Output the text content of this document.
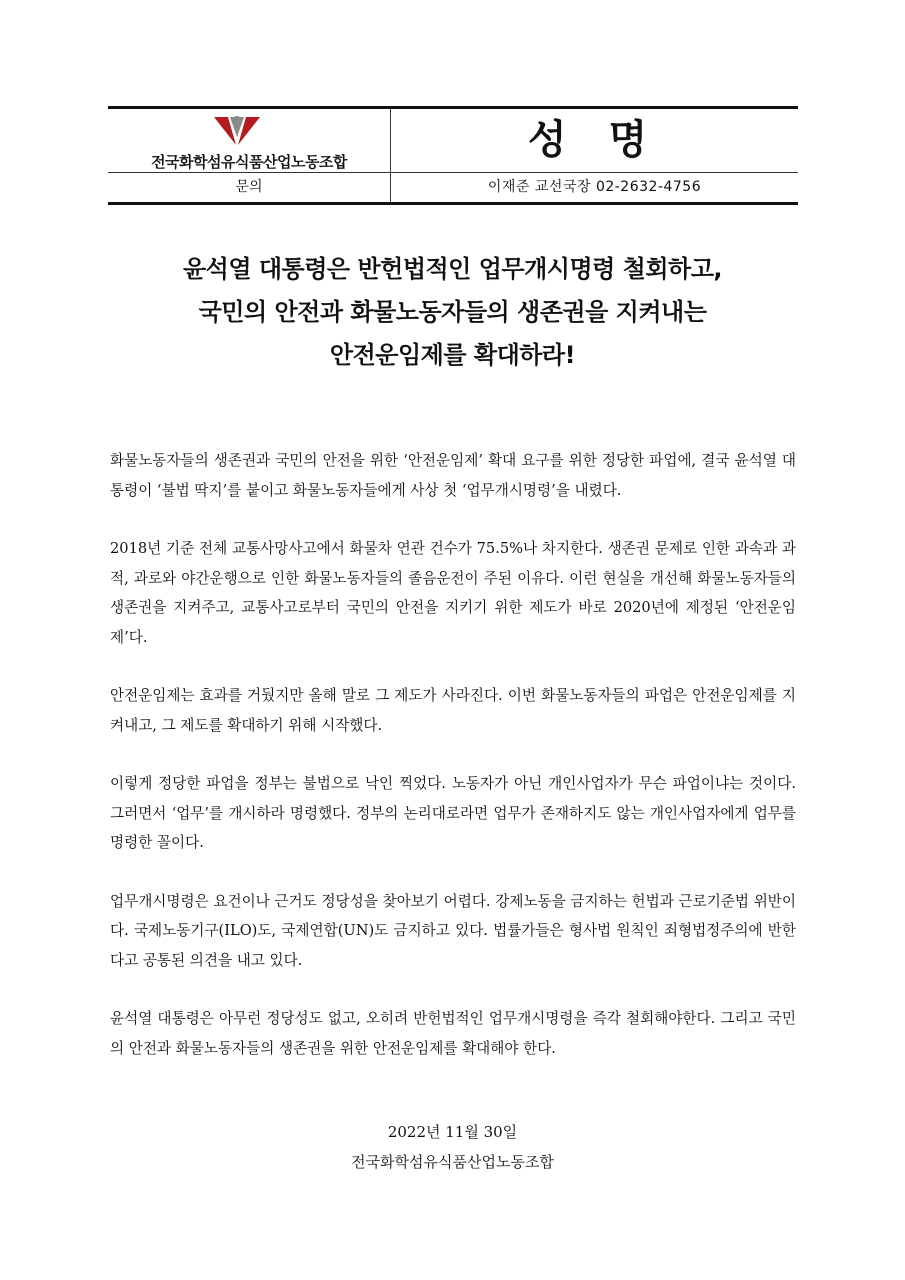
전국화학섬유식품산업노동조합	성 명
문의	이재준 교선국장 02-2632-4756
윤석열 대통령은 반헌법적인 업무개시명령 철회하고,
국민의 안전과 화물노동자들의 생존권을 지켜내는
안전운임제를 확대하라!

화물노동자들의 생존권과 국민의 안전을 위한 ‘안전운임제’ 확대 요구를 위한 정당한 파업에, 결국 윤석열 대통령이 ‘불법 딱지’를 붙이고 화물노동자들에게 사상 첫 ‘업무개시명령’을 내렸다.

2018년 기준 전체 교통사망사고에서 화물차 연관 건수가 75.5%나 차지한다. 생존권 문제로 인한 과속과 과적, 과로와 야간운행으로 인한 화물노동자들의 졸음운전이 주된 이유다. 이런 현실을 개선해 화물노동자들의 생존권을 지켜주고, 교통사고로부터 국민의 안전을 지키기 위한 제도가 바로 2020년에 제정된 ‘안전운임제’다.

안전운임제는 효과를 거뒀지만 올해 말로 그 제도가 사라진다. 이번 화물노동자들의 파업은 안전운임제를 지켜내고, 그 제도를 확대하기 위해 시작했다.

이렇게 정당한 파업을 정부는 불법으로 낙인 찍었다. 노동자가 아닌 개인사업자가 무슨 파업이냐는 것이다. 그러면서 ‘업무’를 개시하라 명령했다. 정부의 논리대로라면 업무가 존재하지도 않는 개인사업자에게 업무를 명령한 꼴이다.

업무개시명령은 요건이나 근거도 정당성을 찾아보기 어렵다. 강제노동을 금지하는 헌법과 근로기준법 위반이다. 국제노동기구(ILO)도, 국제연합(UN)도 금지하고 있다. 법률가들은 형사법 원칙인 죄형법정주의에 반한다고 공통된 의견을 내고 있다.

윤석열 대통령은 아무런 정당성도 없고, 오히려 반헌법적인 업무개시명령을 즉각 철회해야한다. 그리고 국민의 안전과 화물노동자들의 생존권을 위한 안전운임제를 확대해야 한다.

2022년 11월 30일
전국화학섬유식품산업노동조합
